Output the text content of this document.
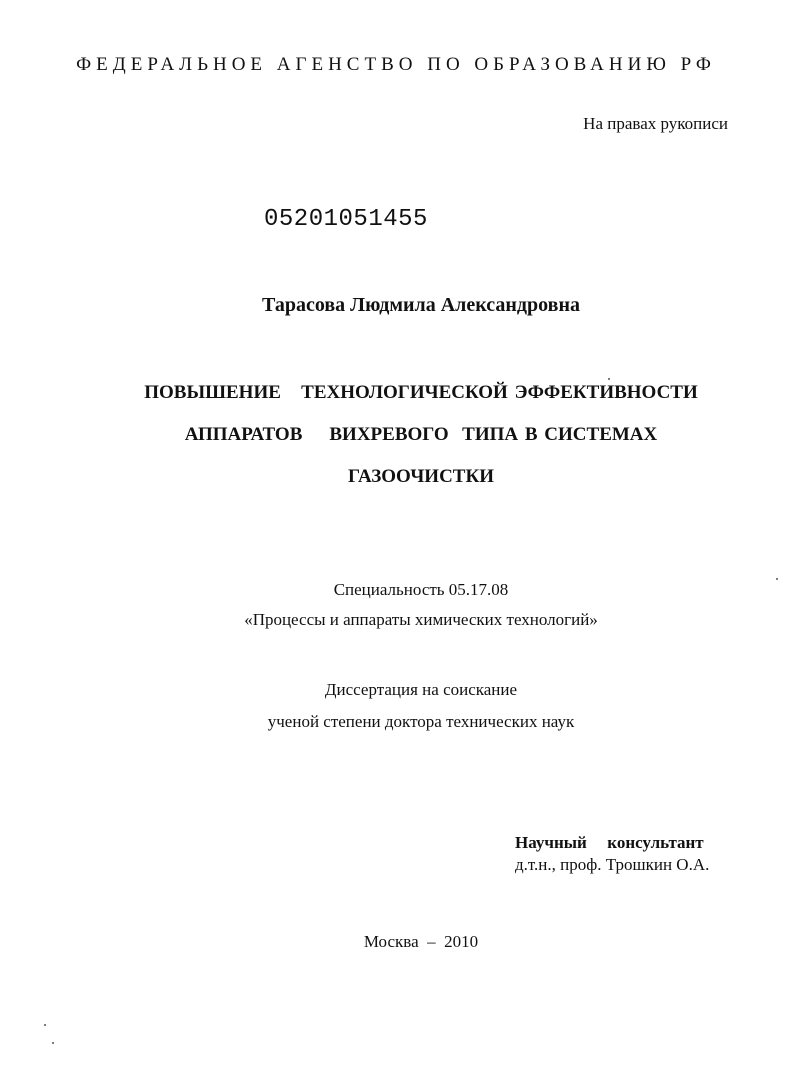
ФЕДЕРАЛЬНОЕ АГЕНСТВО ПО ОБРАЗОВАНИЮ РФ
На правах рукописи
05201051455
Тарасова Людмила Александровна
ПОВЫШЕНИЕ   ТЕХНОЛОГИЧЕСКОЙ ЭФФЕКТИВНОСТИ
АППАРАТОВ    ВИХРЕВОГО  ТИПА В СИСТЕМАХ
ГАЗООЧИСТКИ
Специальность 05.17.08
«Процессы и аппараты химических технологий»
Диссертация на соискание
ученой степени доктора технических наук
Научный  консультант
д.т.н., проф. Трошкин О.А.
Москва  –  2010
